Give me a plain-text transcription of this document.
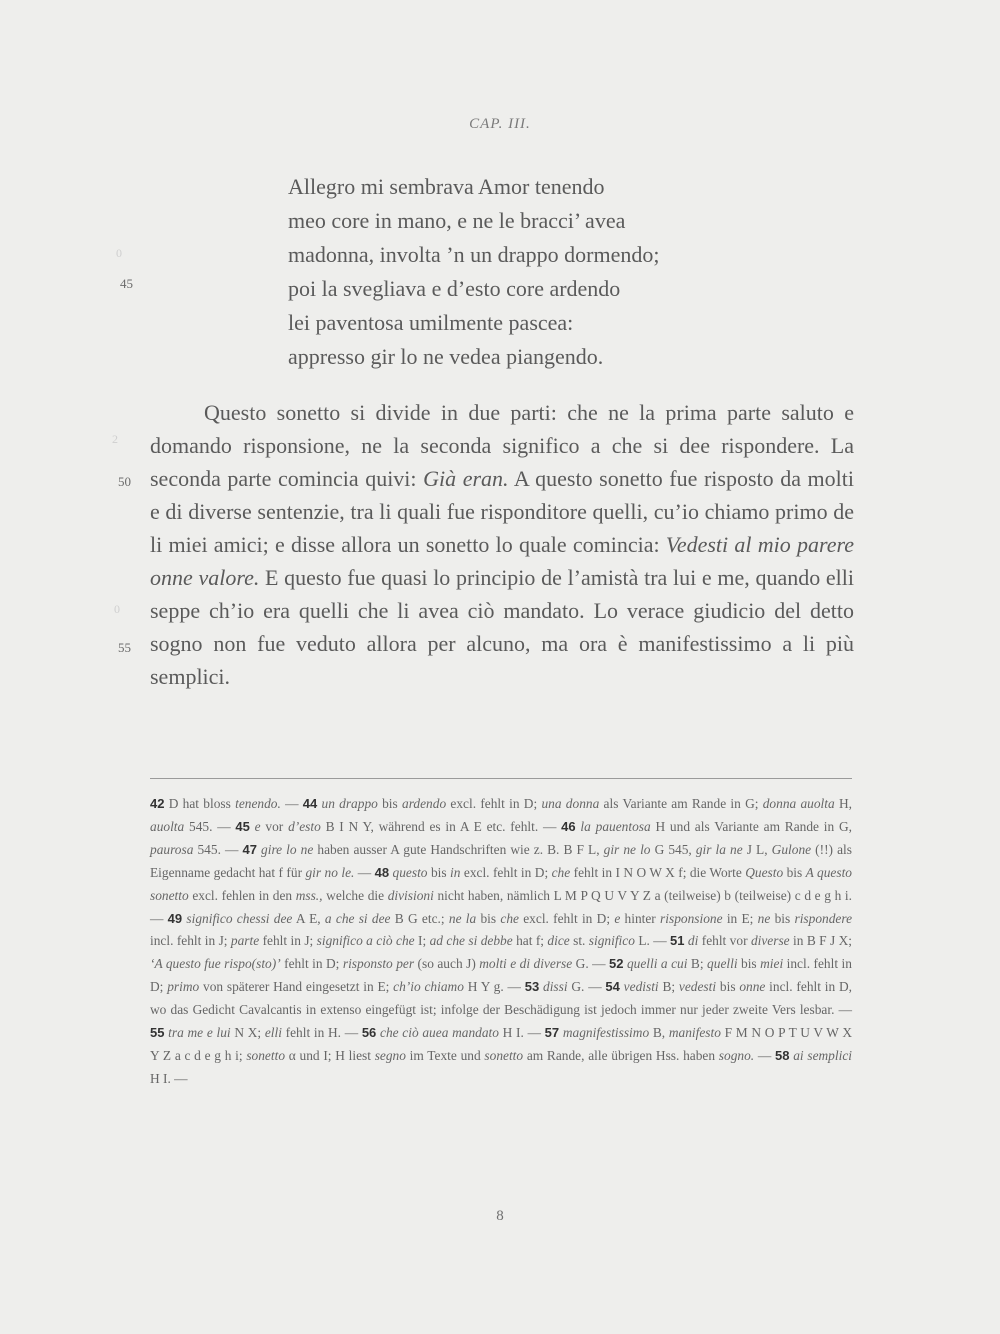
CAP. III.
Allegro mi sembrava Amor tenendo
meo core in mano, e ne le bracci’ avea
madonna, involta ’n un drappo dormendo;
poi la svegliava e d’esto core ardendo
lei paventosa umilmente pascea:
appresso gir lo ne vedea piangendo.
45
50
55
0
2
0
Questo sonetto si divide in due parti: che ne la prima parte saluto e domando risponsione, ne la seconda significo a che si dee rispondere. La seconda parte comincia quivi: Già eran. A questo sonetto fue risposto da molti e di diverse sentenzie, tra li quali fue risponditore quelli, cu’io chiamo primo de li miei amici; e disse allora un sonetto lo quale comincia: Vedesti al mio parere onne valore. E questo fue quasi lo principio de l’amistà tra lui e me, quando elli seppe ch’io era quelli che li avea ciò mandato. Lo verace giudicio del detto sogno non fue veduto allora per alcuno, ma ora è manifestissimo a li più semplici.
42 D hat bloss tenendo. — 44 un drappo bis ardendo excl. fehlt in D; una donna als Variante am Rande in G; donna auolta H, auolta 545. — 45 e vor d’esto B I N Y, während es in A E etc. fehlt. — 46 la pauentosa H und als Variante am Rande in G, paurosa 545. — 47 gire lo ne haben ausser A gute Handschriften wie z. B. B F L, gir ne lo G 545, gir la ne J L, Gulone (!!) als Eigenname gedacht hat f für gir no le. — 48 questo bis in excl. fehlt in D; che fehlt in I N O W X f; die Worte Questo bis A questo sonetto excl. fehlen in den mss., welche die divisioni nicht haben, nämlich L M P Q U V Y Z a (teilweise) b (teilweise) c d e g h i. — 49 significo chessi dee A E, a che si dee B G etc.; ne la bis che excl. fehlt in D; e hinter risponsione in E; ne bis rispondere incl. fehlt in J; parte fehlt in J; significo a ciò che I; ad che si debbe hat f; dice st. significo L. — 51 di fehlt vor diverse in B F J X; ‘A questo fue rispo(sto)’ fehlt in D; risponsto per (so auch J) molti e di diverse G. — 52 quelli a cui B; quelli bis miei incl. fehlt in D; primo von späterer Hand eingesetzt in E; ch’io chiamo H Y g. — 53 dissi G. — 54 vedisti B; vedesti bis onne incl. fehlt in D, wo das Gedicht Cavalcantis in extenso eingefügt ist; infolge der Beschädigung ist jedoch immer nur jeder zweite Vers lesbar. — 55 tra me e lui N X; elli fehlt in H. — 56 che ciò auea mandato H I. — 57 magnifestissimo B, manifesto F M N O P T U V W X Y Z a c d e g h i; sonetto α und I; H liest segno im Texte und sonetto am Rande, alle übrigen Hss. haben sogno. — 58 ai semplici H I. —
8
